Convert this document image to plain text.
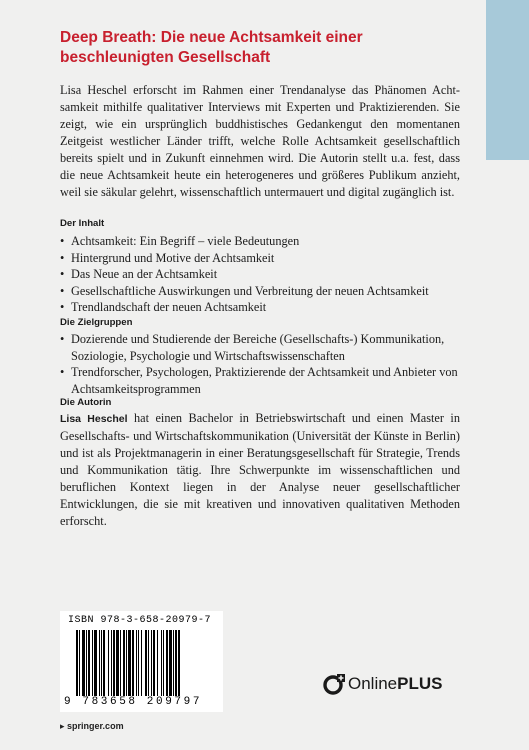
Deep Breath: Die neue Achtsamkeit einer
beschleunigten Gesellschaft
Lisa Heschel erforscht im Rahmen einer Trendanalyse das Phänomen Achtsamkeit mithilfe qualitativer Interviews mit Experten und Praktizierenden. Sie zeigt, wie ein ursprünglich buddhistisches Gedankengut den momentanen Zeitgeist westlicher Länder trifft, welche Rolle Achtsamkeit gesellschaftlich bereits spielt und in Zukunft einnehmen wird. Die Autorin stellt u.a. fest, dass die neue Achtsamkeit heute ein heterogeneres und größeres Publikum anzieht, weil sie säkular gelehrt, wissenschaftlich untermauert und digital zugänglich ist.
Der Inhalt
• Achtsamkeit: Ein Begriff – viele Bedeutungen
• Hintergrund und Motive der Achtsamkeit
• Das Neue an der Achtsamkeit
• Gesellschaftliche Auswirkungen und Verbreitung der neuen Achtsamkeit
• Trendlandschaft der neuen Achtsamkeit
Die Zielgruppen
• Dozierende und Studierende der Bereiche (Gesellschafts-) Kommunikation, Soziologie, Psychologie und Wirtschaftswissenschaften
• Trendforscher, Psychologen, Praktizierende der Achtsamkeit und Anbieter von Achtsamkeitsprogrammen
Die Autorin
Lisa Heschel hat einen Bachelor in Betriebswirtschaft und einen Master in Gesellschafts- und Wirtschaftskommunikation (Universität der Künste in Berlin) und ist als Projektmanagerin in einer Beratungsgesellschaft für Strategie, Trends und Kommunikation tätig. Ihre Schwerpunkte im wissenschaftlichen und beruflichen Kontext liegen in der Analyse neuer gesellschaftlicher Entwicklungen, die sie mit kreativen und innovativen qualitativen Methoden erforscht.
ISBN 978-3-658-20979-7
9 783658 209797
▸ springer.com
OnlinePLUS
